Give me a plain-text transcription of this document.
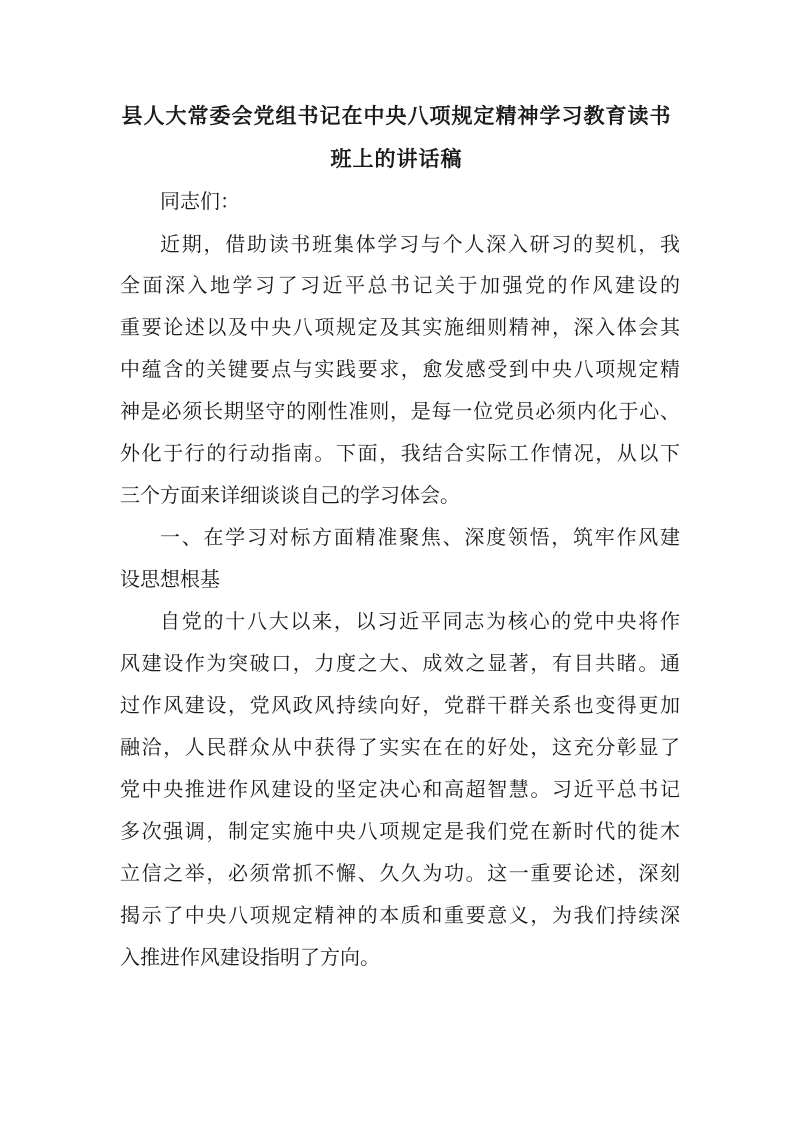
县人大常委会党组书记在中央八项规定精神学习教育读书
班上的讲话稿
同志们：
近期，借助读书班集体学习与个人深入研习的契机，我
全面深入地学习了习近平总书记关于加强党的作风建设的
重要论述以及中央八项规定及其实施细则精神，深入体会其
中蕴含的关键要点与实践要求，愈发感受到中央八项规定精
神是必须长期坚守的刚性准则，是每一位党员必须内化于心、
外化于行的行动指南。下面，我结合实际工作情况，从以下
三个方面来详细谈谈自己的学习体会。
一、在学习对标方面精准聚焦、深度领悟，筑牢作风建
设思想根基
自党的十八大以来，以习近平同志为核心的党中央将作
风建设作为突破口，力度之大、成效之显著，有目共睹。通
过作风建设，党风政风持续向好，党群干群关系也变得更加
融洽，人民群众从中获得了实实在在的好处，这充分彰显了
党中央推进作风建设的坚定决心和高超智慧。习近平总书记
多次强调，制定实施中央八项规定是我们党在新时代的徙木
立信之举，必须常抓不懈、久久为功。这一重要论述，深刻
揭示了中央八项规定精神的本质和重要意义，为我们持续深
入推进作风建设指明了方向。
